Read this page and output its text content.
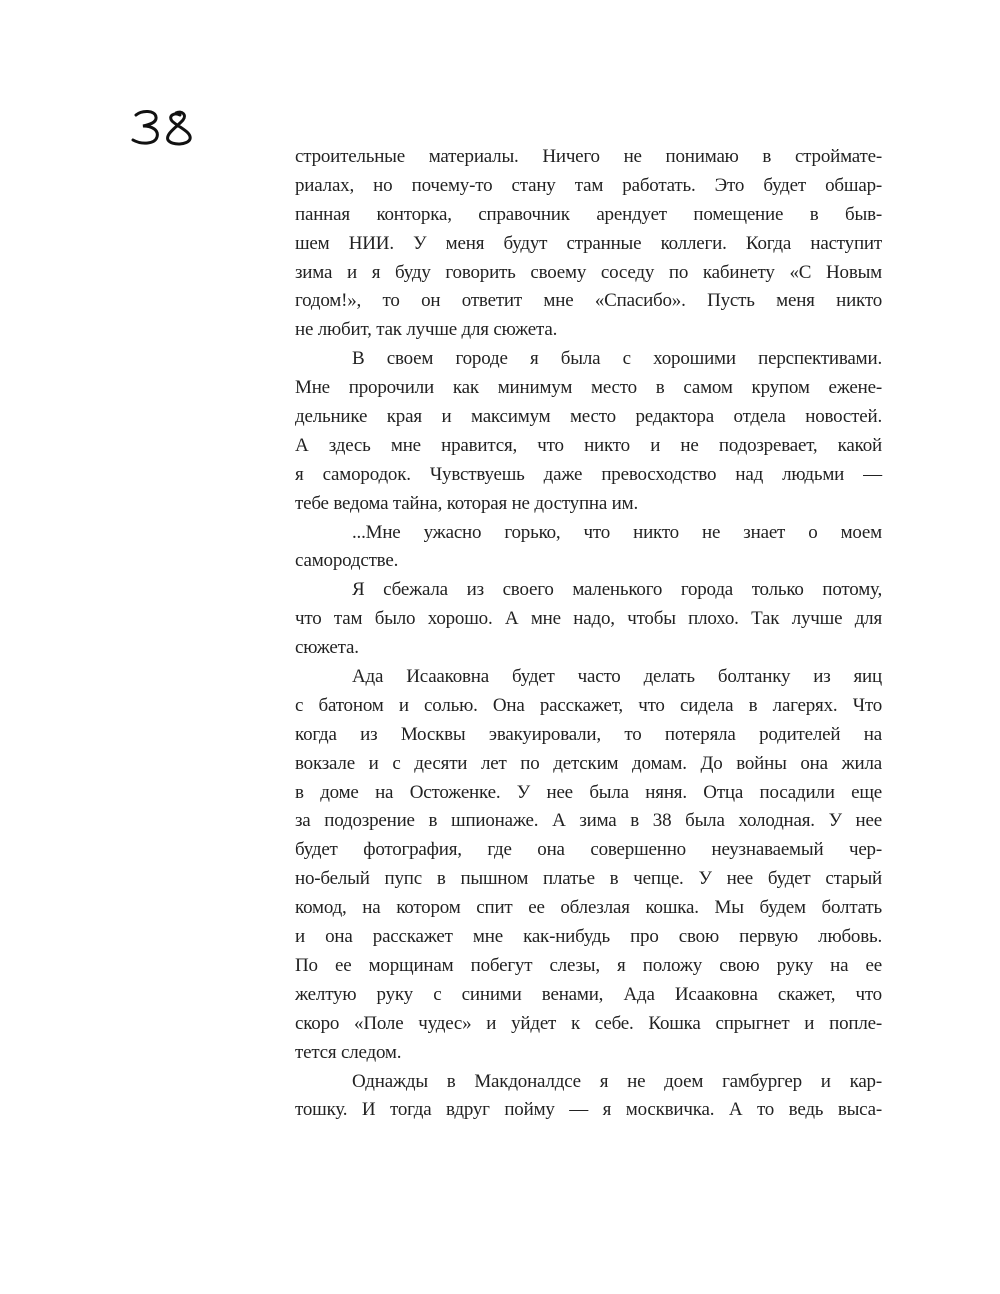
строительные материалы. Ничего не понимаю в строймате-
риалах, но почему-то стану там работать. Это будет обшар-
панная конторка, справочник арендует помещение в быв-
шем НИИ. У меня будут странные коллеги. Когда наступит
зима и я буду говорить своему соседу по кабинету «С Новым
годом!», то он ответит мне «Спасибо». Пусть меня никто
не любит, так лучше для сюжета.
В своем городе я была с хорошими перспективами.
Мне пророчили как минимум место в самом крупом ежене-
дельнике края и максимум место редактора отдела новостей.
А здесь мне нравится, что никто и не подозревает, какой
я самородок. Чувствуешь даже превосходство над людьми —
тебе ведома тайна, которая не доступна им.
...Мне ужасно горько, что никто не знает о моем
самородстве.
Я сбежала из своего маленького города только потому,
что там было хорошо. А мне надо, чтобы плохо. Так лучше для
сюжета.
Ада Исааковна будет часто делать болтанку из яиц
с батоном и солью. Она расскажет, что сидела в лагерях. Что
когда из Москвы эвакуировали, то потеряла родителей на
вокзале и с десяти лет по детским домам. До войны она жила
в доме на Остоженке. У нее была няня. Отца посадили еще
за подозрение в шпионаже. А зима в 38 была холодная. У нее
будет фотография, где она совершенно неузнаваемый чер-
но-белый пупс в пышном платье в чепце. У нее будет старый
комод, на котором спит ее облезлая кошка. Мы будем болтать
и она расскажет мне как-нибудь про свою первую любовь.
По ее морщинам побегут слезы, я положу свою руку на ее
желтую руку с синими венами, Ада Исааковна скажет, что
скоро «Поле чудес» и уйдет к себе. Кошка спрыгнет и попле-
тется следом.
Однажды в Макдоналдсе я не доем гамбургер и кар-
тошку. И тогда вдруг пойму — я москвичка. А то ведь выса-
